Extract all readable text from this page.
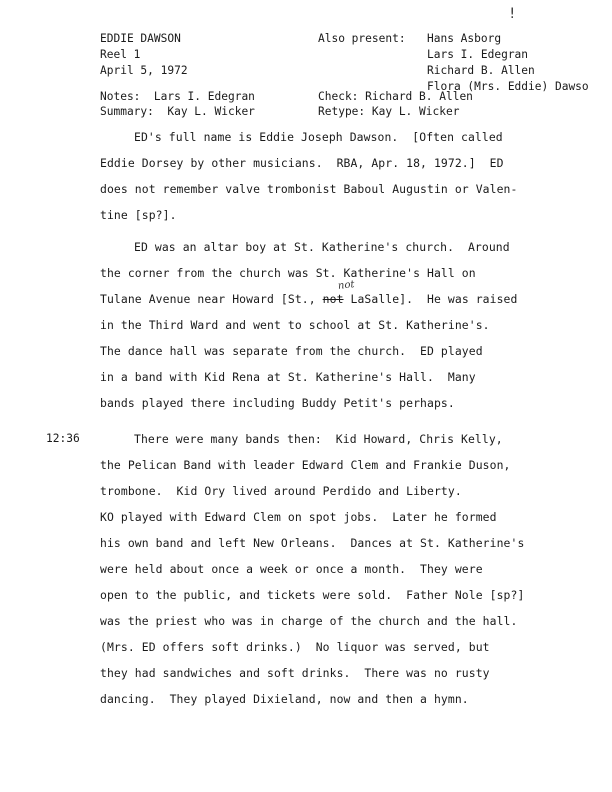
!
EDDIE DAWSON
Reel 1
April 5, 1972
Also present: Hans Asborg
Lars I. Edegran
Richard B. Allen
Flora (Mrs. Eddie) Dawso
Notes:  Lars I. Edegran
Summary:  Kay L. Wicker
Check: Richard B. Allen
Retype: Kay L. Wicker
12:36
ED's full name is Eddie Joseph Dawson.  [Often called
Eddie Dorsey by other musicians.  RBA, Apr. 18, 1972.]  ED
does not remember valve trombonist Baboul Augustin or Valen-
tine [sp?].
ED was an altar boy at St. Katherine's church.  Around
the corner from the church was St. Katherine's Hall on
Tulane Avenue near Howard [St., not LaSalle].  He was raised
in the Third Ward and went to school at St. Katherine's.
The dance hall was separate from the church.  ED played
in a band with Kid Rena at St. Katherine's Hall.  Many
bands played there including Buddy Petit's perhaps.
There were many bands then:  Kid Howard, Chris Kelly,
the Pelican Band with leader Edward Clem and Frankie Duson,
trombone.  Kid Ory lived around Perdido and Liberty.
KO played with Edward Clem on spot jobs.  Later he formed
his own band and left New Orleans.  Dances at St. Katherine's
were held about once a week or once a month.  They were
open to the public, and tickets were sold.  Father Nole [sp?]
was the priest who was in charge of the church and the hall.
(Mrs. ED offers soft drinks.)  No liquor was served, but
they had sandwiches and soft drinks.  There was no rusty
dancing.  They played Dixieland, now and then a hymn.
not
